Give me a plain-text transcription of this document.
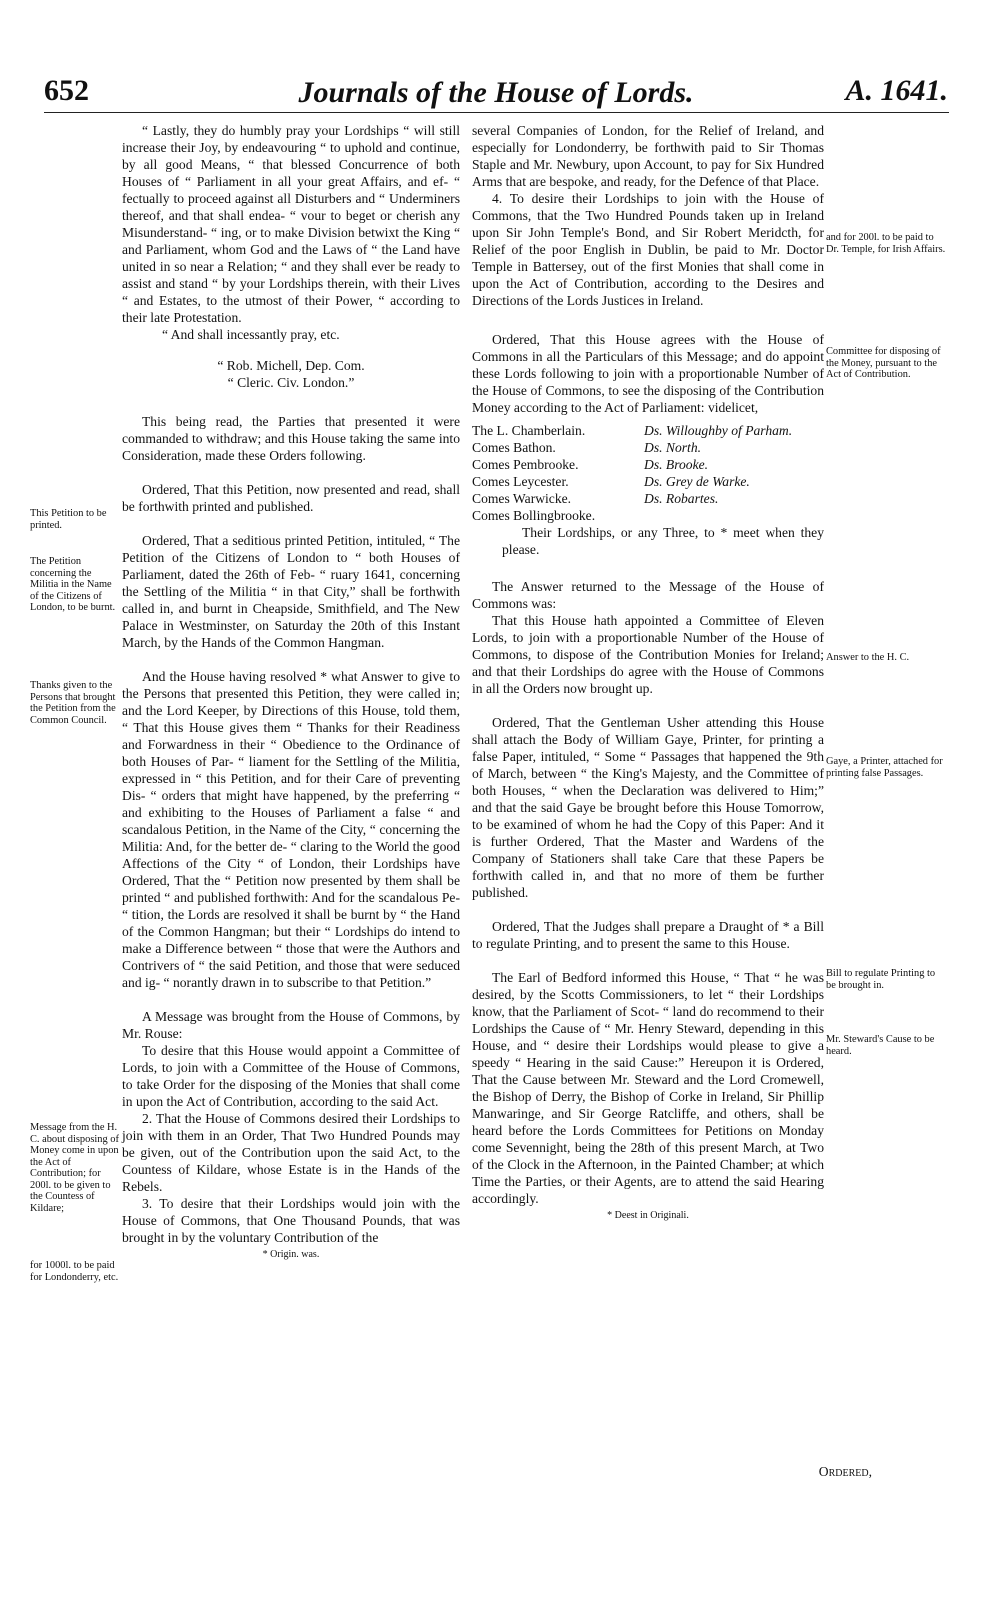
652	Journals of the House of Lords.	A. 1641.

“ Lastly, they do humbly pray your Lordships “ will still increase their Joy, by endeavouring “ to uphold and continue, by all good Means, “ that blessed Concurrence of both Houses of “ Parliament in all your great Affairs, and ef- “ fectually to proceed against all Disturbers and “ Underminers thereof, and that shall endea- “ vour to beget or cherish any Misunderstand- “ ing, or to make Division betwixt the King “ and Parliament, whom God and the Laws of “ the Land have united in so near a Relation; “ and they shall ever be ready to assist and stand “ by your Lordships therein, with their Lives “ and Estates, to the utmost of their Power, “ according to their late Protestation.

“ And shall incessantly pray, etc.

“ Rob. Michell, Dep. Com.

“ Cleric. Civ. London.”

This being read, the Parties that presented it were commanded to withdraw; and this House taking the same into Consideration, made these Orders following.

Ordered, That this Petition, now presented and read, shall be forthwith printed and published.

Ordered, That a seditious printed Petition, intituled, “ The Petition of the Citizens of London to “ both Houses of Parliament, dated the 26th of Feb- “ ruary 1641, concerning the Settling of the Militia “ in that City,” shall be forthwith called in, and burnt in Cheapside, Smithfield, and The New Palace in Westminster, on Saturday the 20th of this Instant March, by the Hands of the Common Hangman.

And the House having resolved * what Answer to give to the Persons that presented this Petition, they were called in; and the Lord Keeper, by Directions of this House, told them, “ That this House gives them “ Thanks for their Readiness and Forwardness in their “ Obedience to the Ordinance of both Houses of Par- “ liament for the Settling of the Militia, expressed in “ this Petition, and for their Care of preventing Dis- “ orders that might have happened, by the preferring “ and exhibiting to the Houses of Parliament a false “ and scandalous Petition, in the Name of the City, “ concerning the Militia: And, for the better de- “ claring to the World the good Affections of the City “ of London, their Lordships have Ordered, That the “ Petition now presented by them shall be printed “ and published forthwith: And for the scandalous Pe- “ tition, the Lords are resolved it shall be burnt by “ the Hand of the Common Hangman; but their “ Lordships do intend to make a Difference between “ those that were the Authors and Contrivers of “ the said Petition, and those that were seduced and ig- “ norantly drawn in to subscribe to that Petition.”

A Message was brought from the House of Commons, by Mr. Rouse:

To desire that this House would appoint a Committee of Lords, to join with a Committee of the House of Commons, to take Order for the disposing of the Monies that shall come in upon the Act of Contribution, according to the said Act.

2. That the House of Commons desired their Lordships to join with them in an Order, That Two Hundred Pounds may be given, out of the Contribution upon the said Act, to the Countess of Kildare, whose Estate is in the Hands of the Rebels.

3. To desire that their Lordships would join with the House of Commons, that One Thousand Pounds, that was brought in by the voluntary Contribution of the

* Origin. was.

several Companies of London, for the Relief of Ireland, and especially for Londonderry, be forthwith paid to Sir Thomas Staple and Mr. Newbury, upon Account, to pay for Six Hundred Arms that are bespoke, and ready, for the Defence of that Place.

4. To desire their Lordships to join with the House of Commons, that the Two Hundred Pounds taken up in Ireland upon Sir John Temple's Bond, and Sir Robert Meridcth, for Relief of the poor English in Dublin, be paid to Mr. Doctor Temple in Battersey, out of the first Monies that shall come in upon the Act of Contribution, according to the Desires and Directions of the Lords Justices in Ireland.

Ordered, That this House agrees with the House of Commons in all the Particulars of this Message; and do appoint these Lords following to join with a proportionable Number of the House of Commons, to see the disposing of the Contribution Money according to the Act of Parliament: videlicet,

The L. Chamberlain.
Comes Bathon.
Comes Pembrooke.
Comes Leycester.
Comes Warwicke.
Comes Bollingbrooke.
Ds. Willoughby of Parham.
Ds. North.
Ds. Brooke.
Ds. Grey de Warke.
Ds. Robartes.

Their Lordships, or any Three, to * meet when they please.

The Answer returned to the Message of the House of Commons was:

That this House hath appointed a Committee of Eleven Lords, to join with a proportionable Number of the House of Commons, to dispose of the Contribution Monies for Ireland; and that their Lordships do agree with the House of Commons in all the Orders now brought up.

Ordered, That the Gentleman Usher attending this House shall attach the Body of William Gaye, Printer, for printing a false Paper, intituled, “ Some “ Passages that happened the 9th of March, between “ the King's Majesty, and the Committee of both Houses, “ when the Declaration was delivered to Him;” and that the said Gaye be brought before this House Tomorrow, to be examined of whom he had the Copy of this Paper: And it is further Ordered, That the Master and Wardens of the Company of Stationers shall take Care that these Papers be forthwith called in, and that no more of them be further published.

Ordered, That the Judges shall prepare a Draught of * a Bill to regulate Printing, and to present the same to this House.

The Earl of Bedford informed this House, “ That “ he was desired, by the Scotts Commissioners, to let “ their Lordships know, that the Parliament of Scot- “ land do recommend to their Lordships the Cause of “ Mr. Henry Steward, depending in this House, and “ desire their Lordships would please to give a speedy “ Hearing in the said Cause:” Hereupon it is Ordered, That the Cause between Mr. Steward and the Lord Cromewell, the Bishop of Derry, the Bishop of Corke in Ireland, Sir Phillip Manwaringe, and Sir George Ratcliffe, and others, shall be heard before the Lords Committees for Petitions on Monday come Sevennight, being the 28th of this present March, at Two of the Clock in the Afternoon, in the Painted Chamber; at which Time the Parties, or their Agents, are to attend the said Hearing accordingly.

* Deest in Originali.

Ordered,
This Petition to be printed.
The Petition concerning the Militia in the Name of the Citizens of London, to be burnt.
Thanks given to the Persons that brought the Petition from the Common Council.
Message from the H. C. about disposing of Money come in upon the Act of Contribution; for 200l. to be given to the Countess of Kildare;
for 1000l. to be paid for Londonderry, etc.
and for 200l. to be paid to Dr. Temple, for Irish Affairs.
Committee for disposing of the Money, pursuant to the Act of Contribution.
Answer to the H. C.
Gaye, a Printer, attached for printing false Passages.
Bill to regulate Printing to be brought in.
Mr. Steward's Cause to be heard.
